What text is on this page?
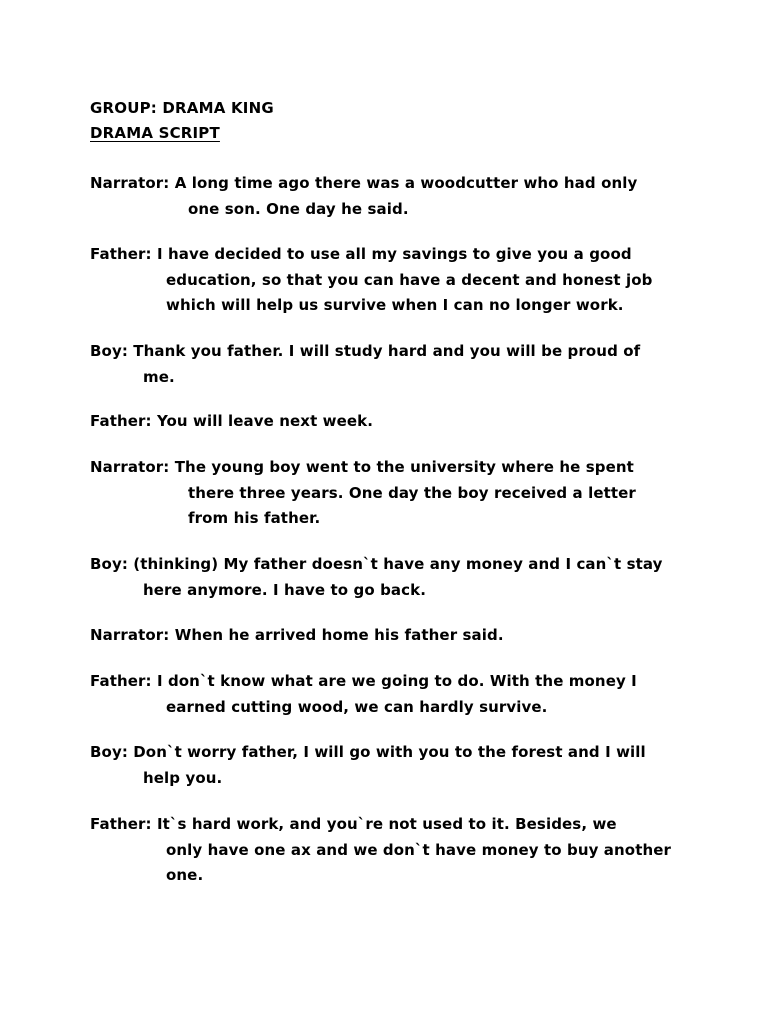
GROUP: DRAMA KING
DRAMA SCRIPT
Narrator: A long time ago there was a woodcutter who had only
one son. One day he said.
Father: I have decided to use all my savings to give you a good
education, so that you can have a decent and honest job
which will help us survive when I can no longer work.
Boy: Thank you father. I will study hard and you will be proud of
me.
Father: You will leave next week.
Narrator: The young boy went to the university where he spent
there three years. One day the boy received a letter
from his father.
Boy: (thinking) My father doesn`t have any money and I can`t stay
here anymore. I have to go back.
Narrator: When he arrived home his father said.
Father: I don`t know what are we going to do. With the money I
earned cutting wood, we can hardly survive.
Boy: Don`t worry father, I will go with you to the forest and I will
help you.
Father: It`s hard work, and you`re not used to it. Besides, we
only have one ax and we don`t have money to buy another
one.
